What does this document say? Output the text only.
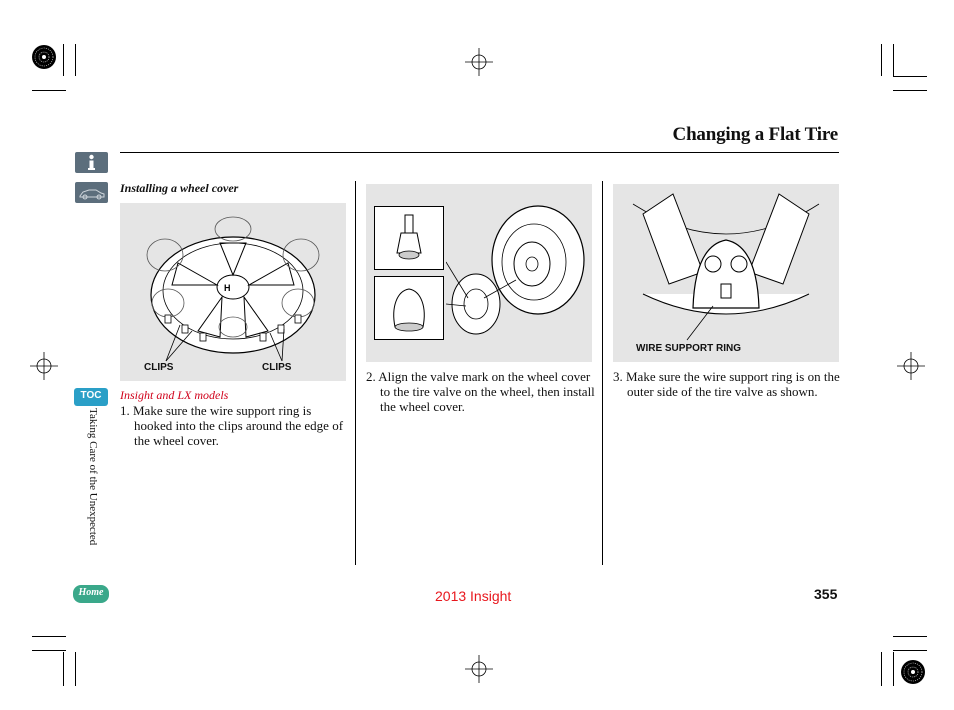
Changing a Flat Tire
TOC
Taking Care of the Unexpected
Home
Installing a wheel cover
H
CLIPS	CLIPS
WIRE SUPPORT RING
Insight and LX models
1. Make sure the wire support ring is hooked into the clips around the edge of the wheel cover.
2. Align the valve mark on the wheel cover to the tire valve on the wheel, then install the wheel cover.
3. Make sure the wire support ring is on the outer side of the tire valve as shown.
2013 Insight	355
